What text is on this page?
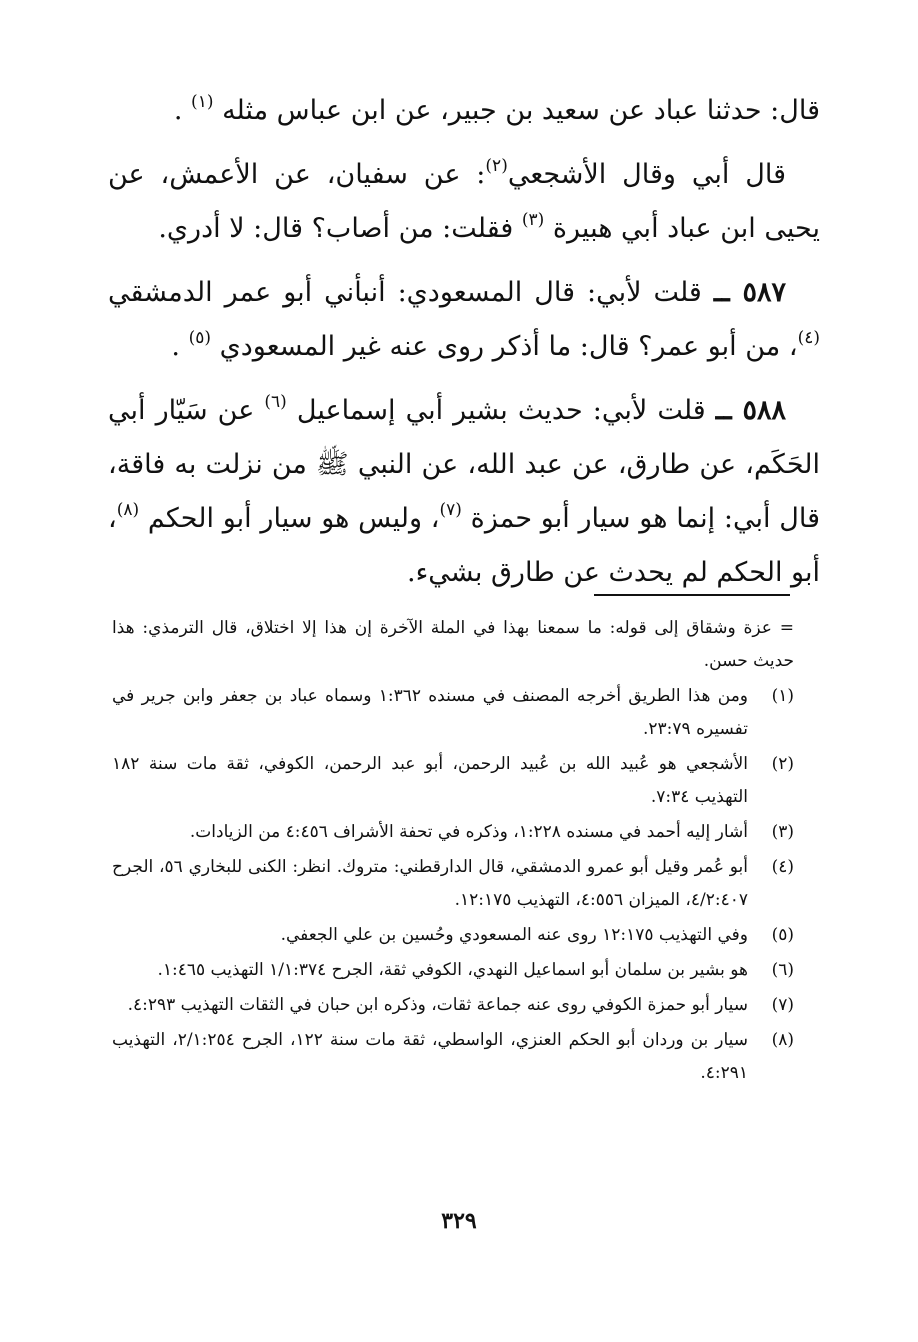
قال: حدثنا عباد عن سعيد بن جبير، عن ابن عباس مثله $^{(١)}$ .

قال أبي وقال الأشجعي$^{(٢)}$: عن سفيان، عن الأعمش، عن يحيى ابن عباد أبي هبيرة $^{(٣)}$ فقلت: من أصاب؟ قال: لا أدري.

٥٨٧ ــ قلت لأبي: قال المسعودي: أنبأني أبو عمر الدمشقي $^{(٤)}$، من أبو عمر؟ قال: ما أذكر روى عنه غير المسعودي $^{(٥)}$ .

٥٨٨ ــ قلت لأبي: حديث بشير أبي إسماعيل $^{(٦)}$ عن سَيّار أبي الحَكَم، عن طارق، عن عبد الله، عن النبي ﷺ من نزلت به فاقة، قال أبي: إنما هو سيار أبو حمزة $^{(٧)}$، وليس هو سيار أبو الحكم $^{(٨)}$، أبو الحكم لم يحدث عن طارق بشيء.

= عزة وشقاق إلى قوله: ما سمعنا بهذا في الملة الآخرة إن هذا إلا اختلاق، قال الترمذي: هذا حديث حسن.

(١)
ومن هذا الطريق أخرجه المصنف في مسنده ١:٣٦٢ وسماه عباد بن جعفر وابن جرير في تفسيره ٢٣:٧٩.

(٢)
الأشجعي هو عُبيد الله بن عُبيد الرحمن، أبو عبد الرحمن، الكوفي، ثقة مات سنة ١٨٢ التهذيب ٧:٣٤.

(٣)
أشار إليه أحمد في مسنده ١:٢٢٨، وذكره في تحفة الأشراف ٤:٤٥٦ من الزيادات.

(٤)
أبو عُمر وقيل أبو عمرو الدمشقي، قال الدارقطني: متروك. انظر: الكنى للبخاري ٥٦، الجرح ٤/٢:٤٠٧، الميزان ٤:٥٥٦، التهذيب ١٢:١٧٥.

(٥)
وفي التهذيب ١٢:١٧٥ روى عنه المسعودي وحُسين بن علي الجعفي.

(٦)
هو بشير بن سلمان أبو اسماعيل النهدي، الكوفي ثقة، الجرح ١/١:٣٧٤ التهذيب ١:٤٦٥.

(٧)
سيار أبو حمزة الكوفي روى عنه جماعة ثقات، وذكره ابن حبان في الثقات التهذيب ٤:٢٩٣.

(٨)
سيار بن وردان أبو الحكم العنزي، الواسطي، ثقة مات سنة ١٢٢، الجرح ٢/١:٢٥٤، التهذيب ٤:٢٩١.

٣٢٩
